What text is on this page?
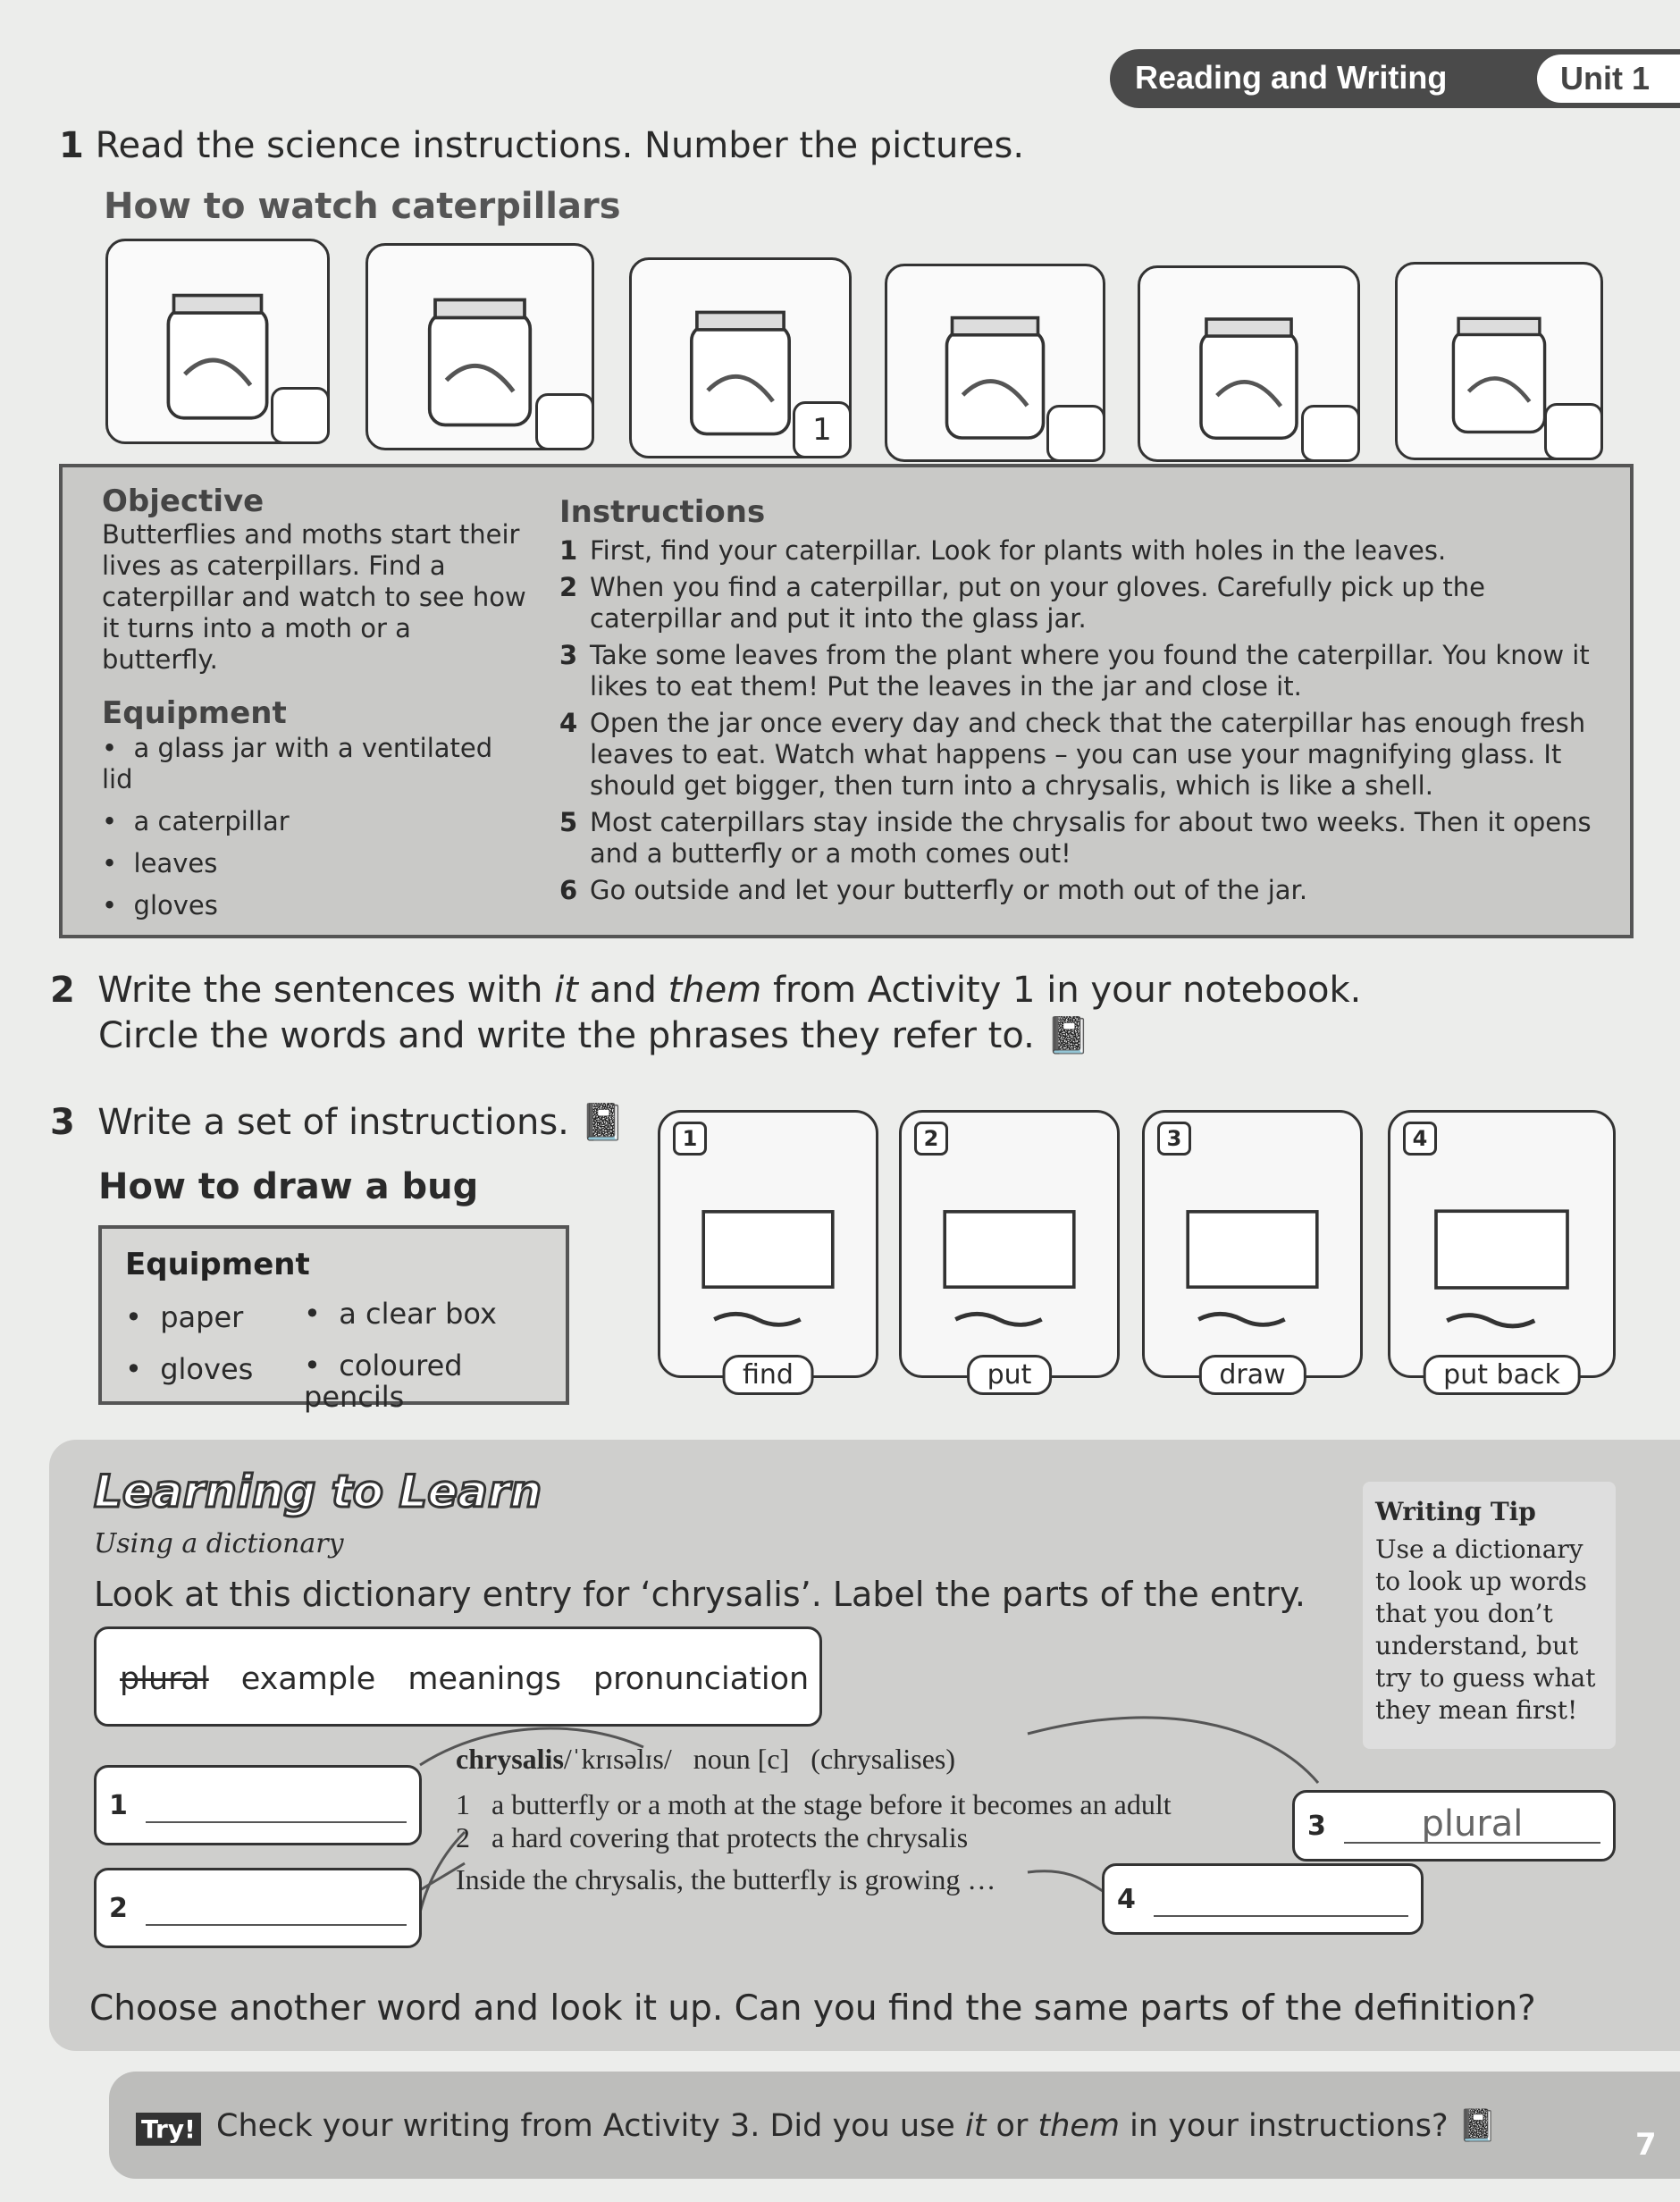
Reading and Writing	Unit 1
1 Read the science instructions. Number the pictures.
How to watch caterpillars
1
Objective
Butterflies and moths start their lives as caterpillars. Find a caterpillar and watch to see how it turns into a moth or a butterfly.
Equipment
•  a glass jar with a ventilated lid
•  a caterpillar
•  leaves
•  gloves
Instructions
1 First, find your caterpillar. Look for plants with holes in the leaves.
2 When you find a caterpillar, put on your gloves. Carefully pick up the caterpillar and put it into the glass jar.
3 Take some leaves from the plant where you found the caterpillar. You know it likes to eat them! Put the leaves in the jar and close it.
4 Open the jar once every day and check that the caterpillar has enough fresh leaves to eat. Watch what happens – you can use your magnifying glass. It should get bigger, then turn into a chrysalis, which is like a shell.
5 Most caterpillars stay inside the chrysalis for about two weeks. Then it opens and a butterfly or a moth comes out!
6 Go outside and let your butterfly or moth out of the jar.
2 Write the sentences with it and them from Activity 1 in your notebook.
Circle the words and write the phrases they refer to. 📓
3 Write a set of instructions. 📓
How to draw a bug
Equipment
•  paper •  a clear box
•  gloves •  coloured pencils
1
find
2
put
3
draw
4
put back
Learning to Learn
Using a dictionary
Look at this dictionary entry for ‘chrysalis’. Label the parts of the entry.
Writing Tip
Use a dictionary to look up words that you don’t understand, but try to guess what they mean first!
plural example meanings pronunciation
chrysalis/ˈkrɪsəlɪs/ noun [c] (chrysalises)
1 a butterfly or a moth at the stage before it becomes an adult
2 a hard covering that protects the chrysalis
Inside the chrysalis, the butterfly is growing …
1
2
3	plural
4
Choose another word and look it up. Can you find the same parts of the definition?
Try! Check your writing from Activity 3. Did you use it or them in your instructions? 📓
7
